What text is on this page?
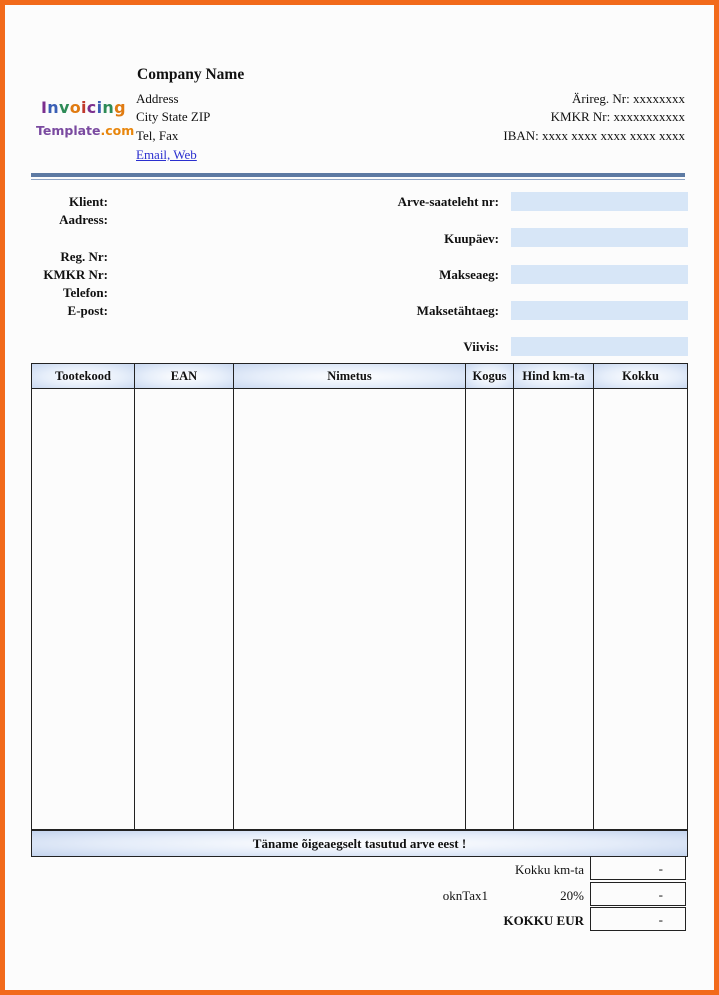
Invoicing
Template.com
Company Name
Address
City State ZIP
Tel, Fax
Email, Web
Ärireg. Nr: xxxxxxxx
KMKR Nr: xxxxxxxxxxx
IBAN: xxxx xxxx xxxx xxxx xxxx
Klient:
Aadress:
Reg. Nr:
KMKR Nr:
Telefon:
E-post:
Arve-saateleht nr:
Kuupäev:
Makseaeg:
Maksetähtaeg:
Viivis:
Tootekood	EAN	Nimetus	Kogus	Hind km-ta	Kokku

Täname õigeaegselt tasutud arve eest !
Kokku km-ta	-
oknTax1	20%	-
KOKKU EUR	-
